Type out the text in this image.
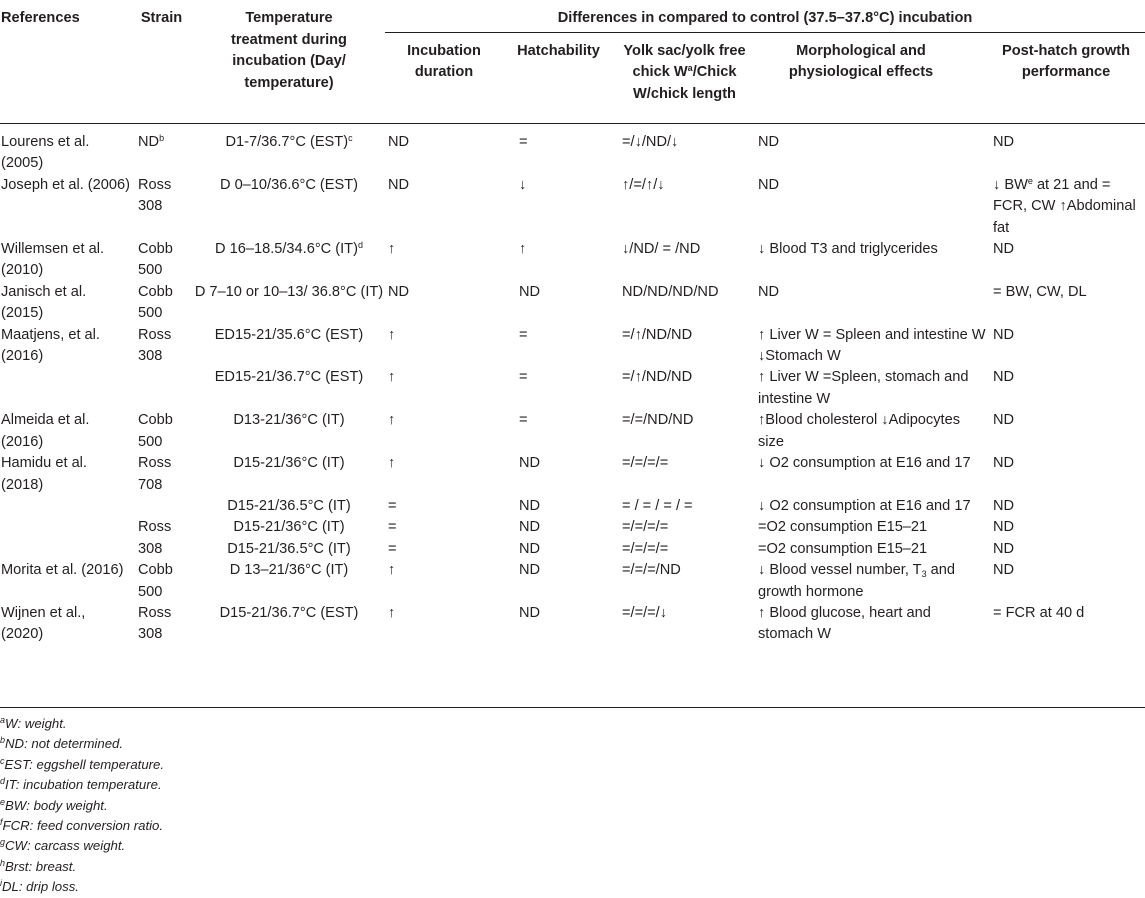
References	Strain	Temperature treatment during incubation (Day/ temperature)	Differences in compared to control (37.5–37.8°C) incubation				
			Incubation duration	Hatchability	Yolk sac/yolk free chick $W^a$/Chick W/chick length	Morphological and physiological effects	Post-hatch growth performance
Lourens et al. (2005)	$ND^b$	D1-7/36.7°C (EST)$^c$	ND	=	=/↓/ND/↓	ND	ND
Joseph et al. (2006)	Ross 308	D 0–10/36.6°C (EST)	ND	↓	↑/=/↑/↓	ND	↓ $BW^e$ at 21 and = FCR, CW ↑Abdominal fat
Willemsen et al. (2010)	Cobb 500	D 16–18.5/34.6°C (IT)$^d$	↑	↑	↓/ND/ = /ND	↓ Blood T3 and triglycerides	ND
Janisch et al. (2015)	Cobb 500	D 7–10 or 10–13/ 36.8°C (IT)	ND	ND	ND/ND/ND/ND	ND	= BW, CW, DL
Maatjens, et al. (2016)	Ross 308	ED15-21/35.6°C (EST)	↑	=	=/↑/ND/ND	↑ Liver W = Spleen and intestine W ↓Stomach W	ND
		ED15-21/36.7°C (EST)	↑	=	=/↑/ND/ND	↑ Liver W =Spleen, stomach and intestine W	ND
Almeida et al. (2016)	Cobb 500	D13-21/36°C (IT)	↑	=	=/=/ND/ND	↑Blood cholesterol ↓Adipocytes size	ND
Hamidu et al. (2018)	Ross 708	D15-21/36°C (IT)	↑	ND	=/=/=/=	↓ O2 consumption at E16 and 17	ND
		D15-21/36.5°C (IT)	=	ND	= / = / = / =	↓ O2 consumption at E16 and 17	ND
	Ross 308	D15-21/36°C (IT)	=	ND	=/=/=/=	=O2 consumption E15–21	ND
		D15-21/36.5°C (IT)	=	ND	=/=/=/=	=O2 consumption E15–21	ND
Morita et al. (2016)	Cobb 500	D 13–21/36°C (IT)	↑	ND	=/=/=/ND	↓ Blood vessel number, $T_3$ and growth hormone	ND
Wijnen et al., (2020)	Ross 308	D15-21/36.7°C (EST)	↑	ND	=/=/=/↓	↑ Blood glucose, heart and stomach W	= FCR at 40 d
$^a$W: weight.
$^b$ND: not determined.
$^c$EST: eggshell temperature.
$^d$IT: incubation temperature.
$^e$BW: body weight.
$^f$FCR: feed conversion ratio.
$^g$CW: carcass weight.
$^h$Brst: breast.
$^i$DL: drip loss.
